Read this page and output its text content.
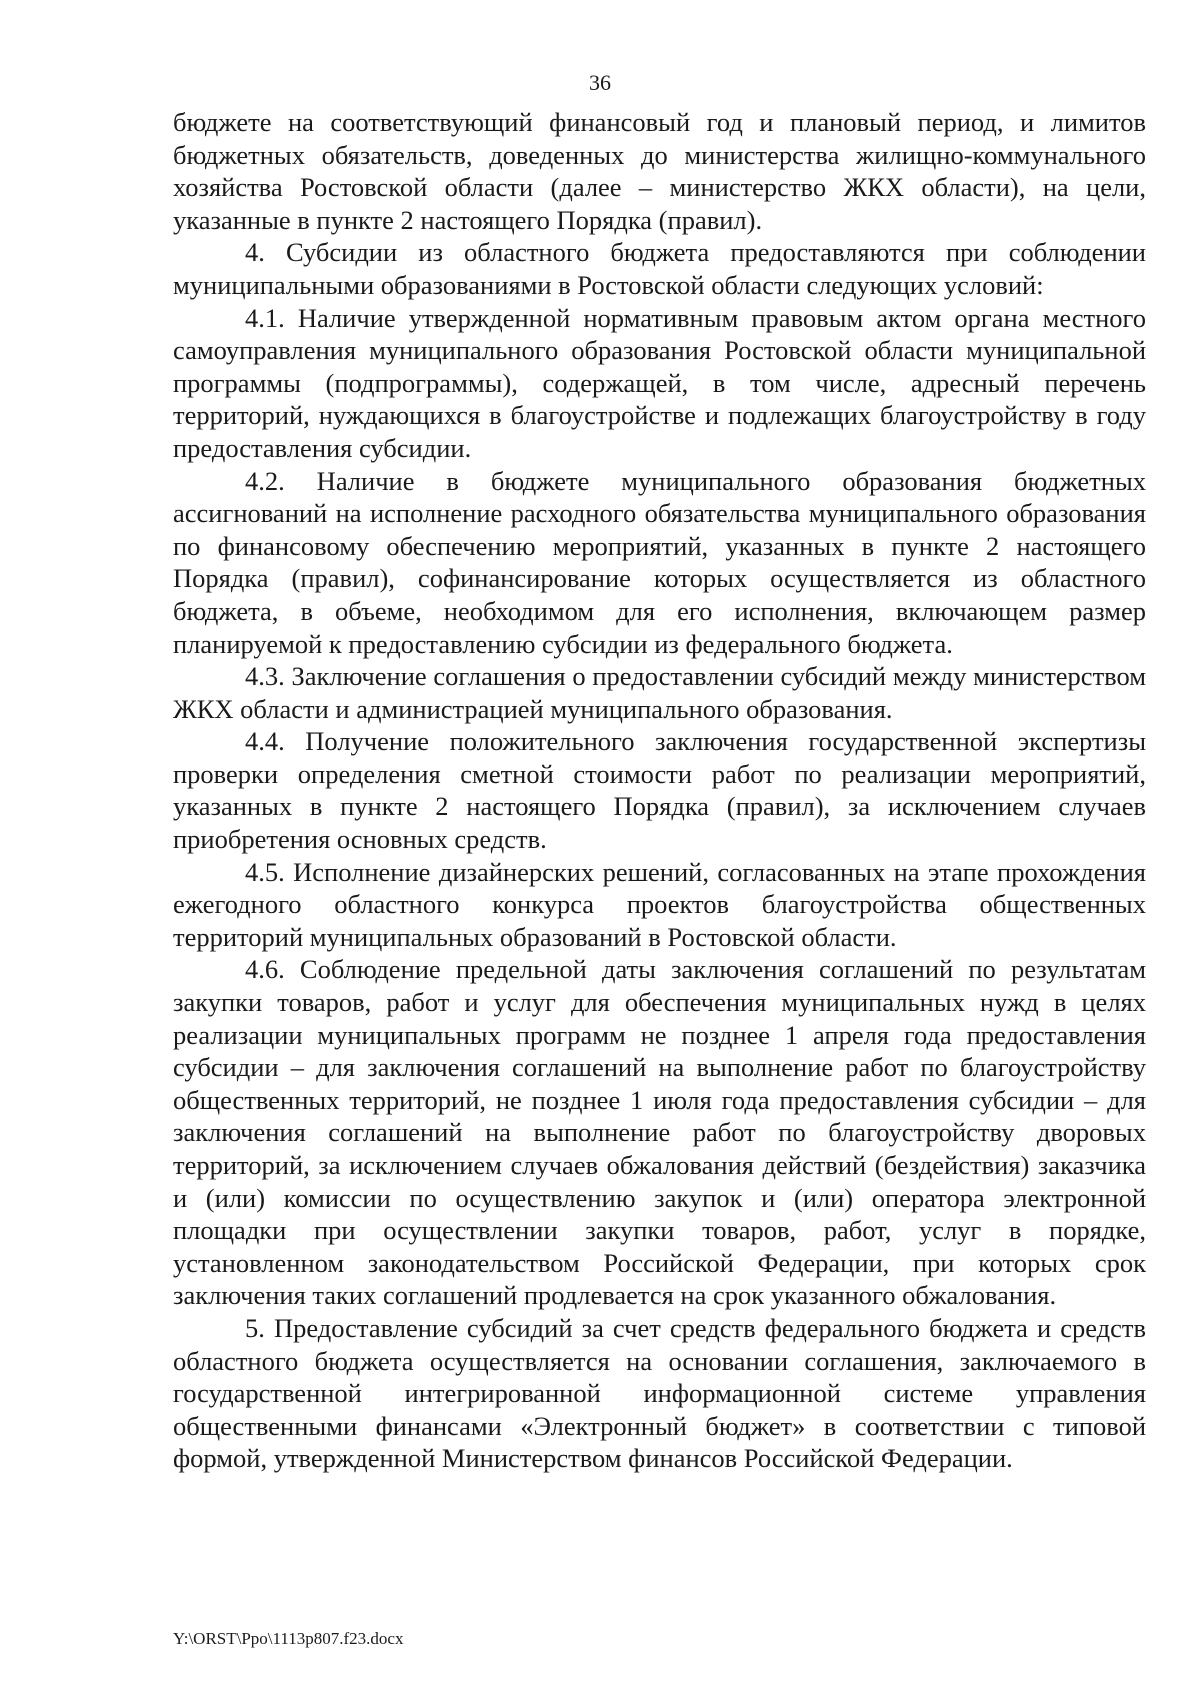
36

бюджете на соответствующий финансовый год и плановый период, и лимитов бюджетных обязательств, доведенных до министерства жилищно-коммунального хозяйства Ростовской области (далее – министерство ЖКХ области), на цели, указанные в пункте 2 настоящего Порядка (правил).

4. Субсидии из областного бюджета предоставляются при соблюдении муниципальными образованиями в Ростовской области следующих условий:

4.1. Наличие утвержденной нормативным правовым актом органа местного самоуправления муниципального образования Ростовской области муниципальной программы (подпрограммы), содержащей, в том числе, адресный перечень территорий, нуждающихся в благоустройстве и подлежащих благоустройству в году предоставления субсидии.

4.2. Наличие в бюджете муниципального образования бюджетных ассигнований на исполнение расходного обязательства муниципального образования по финансовому обеспечению мероприятий, указанных в пункте 2 настоящего Порядка (правил), софинансирование которых осуществляется из областного бюджета, в объеме, необходимом для его исполнения, включающем размер планируемой к предоставлению субсидии из федерального бюджета.

4.3. Заключение соглашения о предоставлении субсидий между министерством ЖКХ области и администрацией муниципального образования.

4.4. Получение положительного заключения государственной экспертизы проверки определения сметной стоимости работ по реализации мероприятий, указанных в пункте 2 настоящего Порядка (правил), за исключением случаев приобретения основных средств.

4.5. Исполнение дизайнерских решений, согласованных на этапе прохождения ежегодного областного конкурса проектов благоустройства общественных территорий муниципальных образований в Ростовской области.

4.6. Соблюдение предельной даты заключения соглашений по результатам закупки товаров, работ и услуг для обеспечения муниципальных нужд в целях реализации муниципальных программ не позднее 1 апреля года предоставления субсидии – для заключения соглашений на выполнение работ по благоустройству общественных территорий, не позднее 1 июля года предоставления субсидии – для заключения соглашений на выполнение работ по благоустройству дворовых территорий, за исключением случаев обжалования действий (бездействия) заказчика и (или) комиссии по осуществлению закупок и (или) оператора электронной площадки при осуществлении закупки товаров, работ, услуг в порядке, установленном законодательством Российской Федерации, при которых срок заключения таких соглашений продлевается на срок указанного обжалования.

5. Предоставление субсидий за счет средств федерального бюджета и средств областного бюджета осуществляется на основании соглашения, заключаемого в государственной интегрированной информационной системе управления общественными финансами «Электронный бюджет» в соответствии с типовой формой, утвержденной Министерством финансов Российской Федерации.

Y:\ORST\Ppo\1113p807.f23.docx
